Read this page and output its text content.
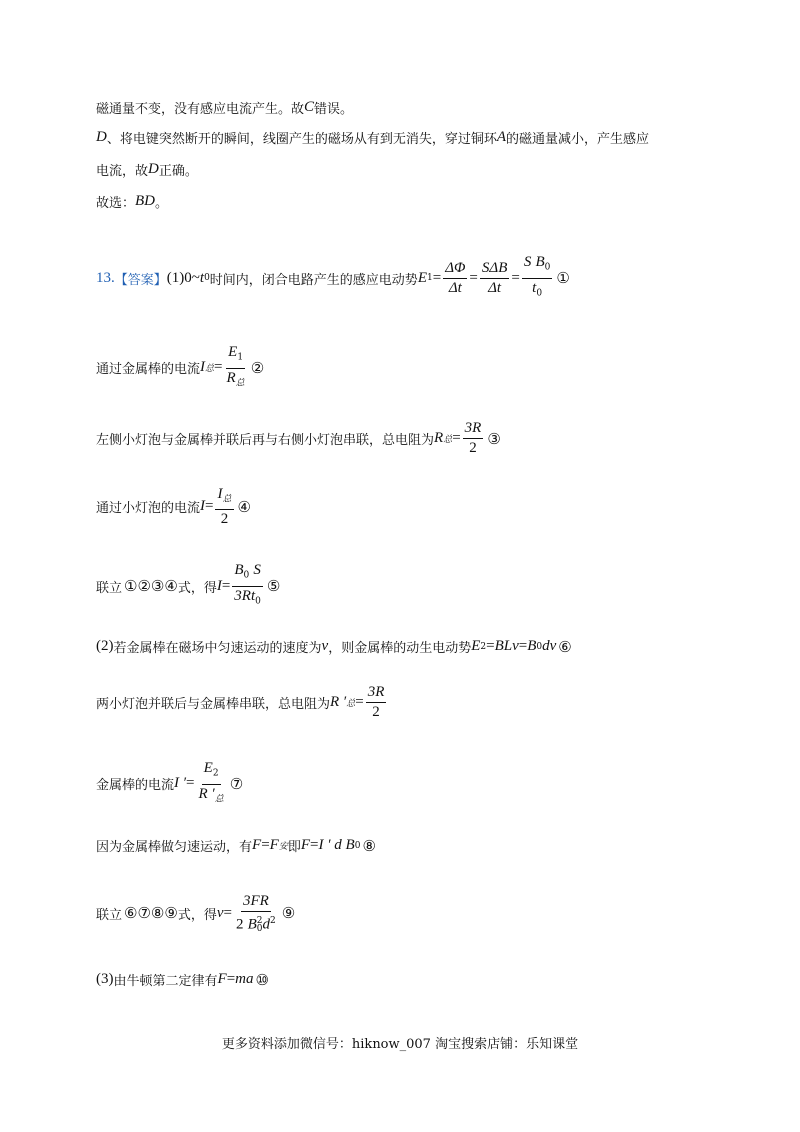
磁通量不变，没有感应电流产生。故 C 错误。
D 、将电键突然断开的瞬间，线圈产生的磁场从有到无消失，穿过铜环 A 的磁通量减小，产生感应
电流，故 D 正确。
故选： BD 。
13. 【答案】 (1) 0 ~ t 0 时间内，闭合电路产生的感应电动势 E $1 = \frac{\Delta\Phi}{\Delta t} = \frac{\text{SΔB}}{\Delta t} = \frac{S B_0}{t_0}$ ①
通过金属棒的电流 I 总 = $\frac{E_1}{R_总}$ ②
左侧小灯泡与金属棒并联后再与右侧小灯泡串联，总电阻为 R 总 = $\frac{3R}{2}$ ③
通过小灯泡的电流 $I = \frac{I_总}{2}$ ④
联立 ①②③④ 式，得 $I = \frac{B_0 S}{3Rt_0}$ ⑤
(2) 若金属棒在磁场中匀速运动的速度为 v ，则金属棒的动生电动势 E 2 = BLv = B 0 dv ⑥
两小灯泡并联后与金属棒串联，总电阻为 R ′ 总 = $\frac{3R}{2}$
金属棒的电流 I ′ = $\frac{E_2}{R '_总}$ ⑦
因为金属棒做匀速运动，有 F = F 安 即 F = I ′ d B 0 ⑧
联立 ⑥⑦⑧⑨ 式，得 v = 3FR
2 B 2
0 $d^2$ ⑨
(3) 由牛顿第二定律有 F = ma ⑩
更多资料添加微信号：hiknow_007 淘宝搜索店铺：乐知课堂
